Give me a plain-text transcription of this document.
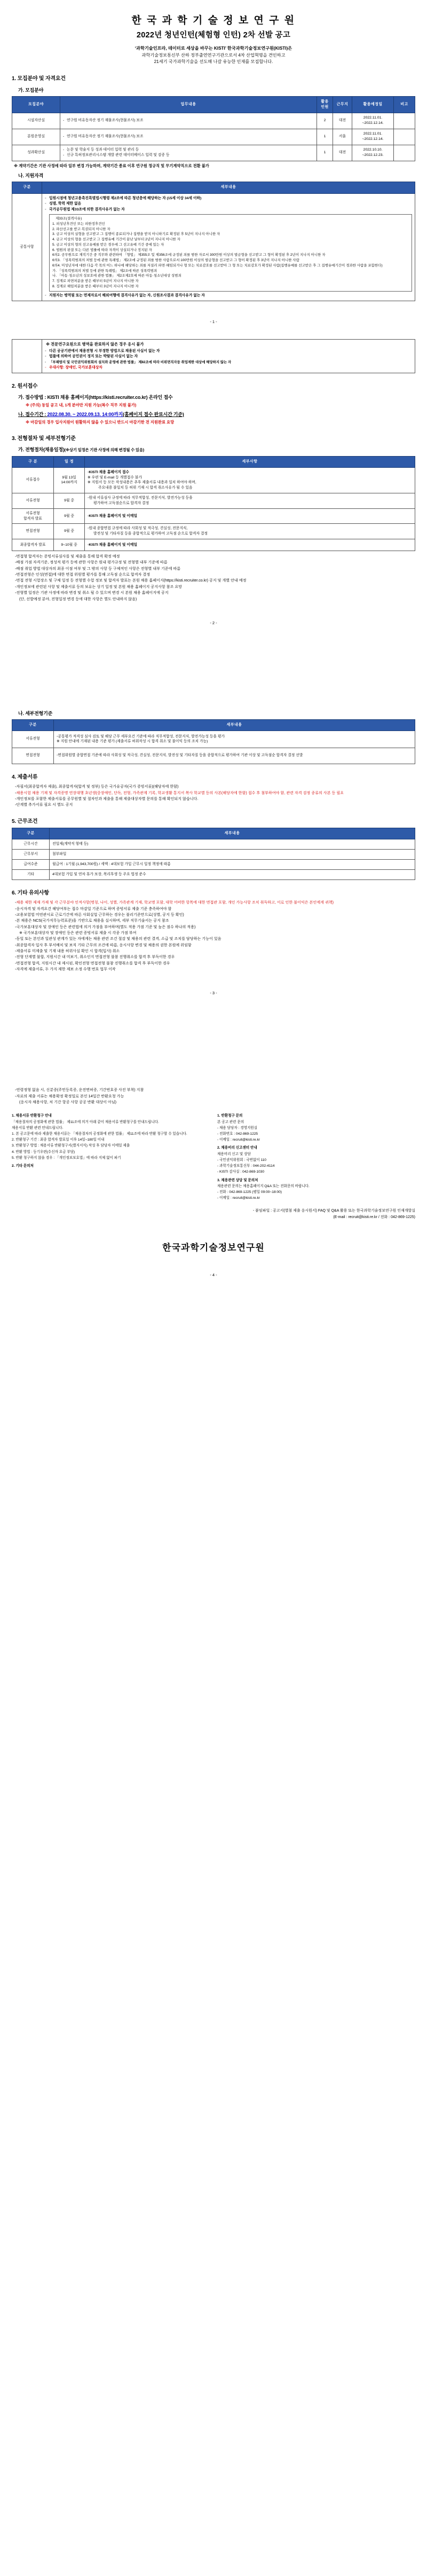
한 국 과 학 기 술 정 보 연 구 원
2022년 청년인턴(체험형 인턴) 2차 선발 공고
‘과학기술인프라, 데이터로 세상을 바꾸는 KISTI’ 한국과학기술정보연구원(KISTI)은
과학기술정보통신부 산하 정부출연연구기관으로서 4차 산업혁명을 견인하고
21세기 국가과학기술을 선도해 나갈 유능한 인재를 모집합니다.
1. 모집분야 및 자격요건
가. 모집분야
모집분야	업무내용	활용
인원	근무지	활용예정일	비고
시설자산실	
-연구원 비유동자산 정기 재물조사(현물조사) 보조	2	대전	2022.11.01.
~2022.12.14.	
분원운영실	
-연구원 비유동자산 정기 재물조사(현물조사) 보조	1	서울	2022.11.01.
~2022.12.14.	
성과확산실	
- 논문 및 학술지 등 성과 데이터 입력 및 관리 등
- 신규 특허정보관리시스템 개발 관련 데이터베이스 입력 및 검증 등
	1	대전	2022.10.10.
~2022.12.23.	
※ 계약기간은 기관 사정에 따라 일부 변경 가능하며, 계약기간 종료 이후 연구원 정규직 및 무기계약직으로 전환 불가
나. 지원자격
구분	세부내용
공통사항	
◦ 입원시점에 청년고용촉진특별법시행령 제2조에 따른 청년층에 해당하는 자 (15세 이상 34세 이하)
◦ 성별, 학력 제한 없음
◦ 국가공무원법 제33조에 의한 결격사유가 없는 자

제33조(결격사유)

1. 피성년후견인 또는 피한정후견인

2. 파산선고를 받고 복권되지 아니한 자

3. 금고 이상의 실형을 선고받고 그 집행이 종료되거나 집행을 받지 아니하기로 확정된 후 5년이 지나지 아니한 자

4. 금고 이상의 형을 선고받고 그 집행유예 기간이 끝난 날부터 2년이 지나지 아니한 자

5. 금고 이상의 형의 선고유예를 받은 경우에 그 선고유예 기간 중에 있는 자

6. 법원의 판결 또는 다른 법률에 따라 자격이 상실되거나 정지된 자

6의2. 공무원으로 재직기간 중 직무와 관련하여 「형법」 제355조 및 제356조에 규정된 죄를 범한 자로서 300만원 이상의 벌금형을 선고받고 그 형이 확정된 후 2년이 지나지 아니한 자

6의3. 「성폭력범죄의 처벌 등에 관한 특례법」 제2조에 규정된 죄를 범한 사람으로서 100만원 이상의 벌금형을 선고받고 그 형이 확정된 후 3년이 지나지 아니한 사람

6의4. 미성년자에 대한 다음 각 목의 어느 하나에 해당하는 죄를 저질러 파면·해임되거나 형 또는 치료감호를 선고받아 그 형 또는 치료감호가 확정된 사람(집행유예를 선고받은 후 그 집행유예기간이 경과한 사람을 포함한다)

가. 「성폭력범죄의 처벌 등에 관한 특례법」 제2조에 따른 성폭력범죄

나. 「아동·청소년의 성보호에 관한 법률」 제2조제2호에 따른 아동·청소년대상 성범죄

7. 징계로 파면처분을 받은 때부터 5년이 지나지 아니한 자

8. 징계로 해임처분을 받은 때부터 3년이 지나지 아니한 자

◦ 지원자는 병역필 또는 면제자로서 해외여행에 결격사유가 없는 자, 신원조사결과 결격사유가 없는 자
- 1 -

※ 전문연구요원으로 병역을 완료하지 않은 경우 응시 불가
◦ 다른 공공기관에서 채용전형 시 부정한 방법으로 채용된 사실이 없는 자
◦ 법률에 의하여 공민권이 정지 또는 박탈된 사실이 없는 자
◦ 「부패방지 및 국민권익위원회의 설치와 운영에 관한 법률」 제82조에 따라 비위면직자등 취업제한 대상에 해당하지 않는 자
◦ 우대사항: 장애인, 국가보훈대상자
2. 원서접수
가. 접수방법 : KISTI 채용 홈페이지(https://kisti.recruiter.co.kr) 온라인 접수
※ (주의) 동일 공고 내, 1개 분야만 지원 가능(복수 직무 지원 불가)
나. 접수기간 : 2022.08.30. ~ 2022.09.13. 14:00까지(홈페이지 접수 완료시간 기준)
※ 마감일의 경우 입사지원이 원활하지 않을 수 있으니 반드시 마감기한 전 지원완료 요망
3. 전형절차 및 세부전형기준
가. 전형절차(채용일정)(※상기 일정은 기관 사정에 의해 변경될 수 있음)
구 분	일 정	세부사항
서류접수	9월 13일
14:00까지	
◦KISTI 채용 홈페이지 접수
※ 우편 및 E-mail 등 개별접수 불가
※ 지원서 등 모든 작성내용은 추후 제출서류 내용과 일치 하여야 하며,
주요내용 불일치 등 허위 기재 시 합격 취소사유가 될 수 있음

서류전형	9월 중	◦원내 서류심사 규정에 따라 직무적합성, 전문지식, 발전가능성 등을
평가하여 고득점순으로 합격자 결정

서류전형
합격자 발표	9월 중	◦KISTI 채용 홈페이지 및 이메일

면접전형	9월 중	◦원내 종합면접 규정에 따라 사회성 및 적극성, 견실성, 전문지식,
발전성 및 기타자질 등을 종합적으로 평가하여 고득점 순으로 합격자 결정

최종합격자 발표	9~10월 중	◦KISTI 채용 홈페이지 및 이메일

◦면접형 합격자는 증빙서류심사를 및 제출을 통해 합격 확정 예정

◦배점 가점 자격기준, 정성적 평가 등에 관한 사항은 원내 평가규정 및 전형별 내부 기준에 따름

◦배점 취업 방법 대상자의 최종 이점 여부 및 그 밖의 사항 등 구체적인 사항은 전형별 내부 기준에 따름

◦면접전형은 인성(면접)에 대한 면접 위원별 평가를 통해 고득점 순으로 합격자 결정

◦면접 전형 시험장소 및 구체 일정 등 전형별 수험 정보 및 합격자 발표는 본원 채용 홈페이지(https://kisti.recruiter.co.kr) 공지 및 개별 안내 예정

◦개인정보에 관련된 사항 및 제출서류 등의 보유는 상기 일정 및 본원 채용 홈페이지 공지사항 참조 요망

◦전형별 일정은 기관 사정에 따라 변경 및 취소 될 수 있으며 변경 시 본원 채용 홈페이지에 공지

(단, 선발예정 분야, 전형일정 변경 등에 대한 사항은 별도 안내하지 않음)

- 2 -
나. 세부전형기준
구분	세부내용
서류전형	◦공통평가 적격성 심사 검토 및 해당 근무 세부요건 기준에 따라 직무적합성, 전문지식, 발전가능성 등을 평가
※ 지원 안내에 기재된 내용 기준 평가 (제출서류 허위작성 시 합격 취소 및 불이익 등의 조치 가능)

면접전형	◦면접위원별 종합면접 기준에 따라 사회성 및 적극성, 견실성, 전문지식, 발전성 및 기타자질 등을 종합적으로 평가하여 기관 이상 및 고득점순 합격자 결정 선발
4. 제출서류

◦자필서(최종합격자 제출), 최종합격자(합격 및 정부) 등은 국가유공자(국가 증빙서류)(해당자에 한함)

◦채용시험 채용 기재 및 자격증명 연장대행 초년생(중장애인, 단독, 전형, 가족관계 기록, 학교생활 통지서 복사 학교별 등의 사본(해당자에 한함) 접수 후 첨부하여야 함, 관련 자격 검정 종류의 사본 등 필요

◦개인정보를 포함한 제출서류를 공무원별 및 절차인과 제출을 통해 제출대상자별 문의를 통해 확인되지 않습니다.

◦단계별 추가서류 필요 시 별도 공지

5. 근무조건
구분	세부내용
근무시간	전일제(계약직 형태 등)
근무부서	첨부파일
급여수준	월급여 : 1기월 (1,943,700원) / 세액 : 4대보험 가입 근무시 일정 책정에 따름
기타	4대보험 가입 및 연차 휴가 보장, 복리후생 등 주요 법정 준수
6. 기타 유의사항

◦채용 제한 제재 가재 및 각 근무분야 인적사항(명칭, 나이, 성별, 가족관계 기재, 학교명 포함, 대학 어떠한 항목에 대한 면접관 포함, 개인 가능사항 조치 취득하고, 이로 인한 불이익은 본인에게 귀책)

◦응시자격 및 자격요건 해당여부는 접수 마감일 기준으로 하며 증빙서류 제출 기준 충족하여야 함

◦교용보험법 미연관시료 근로기간에 따른 사회실업 근무하는 경우는 불리기준만으로(성별, 공지 등 확인)

◦본 채용은 NCS(국가직무능력표준)을 기반으로 채용을 실시하며, 세부 직무기술서는 공지 참조

◦국가보훈대상자 및 장애인 등은 관련법에 의거 가점을 부여하며(별도 적용 가점 기준 및 높은 점수 하나의 적용)

※ 국가보훈대상자 및 장애인 등은 관련 증빙서류 제출 시 각종 가점 부여

◦동일 또는 본인과 일관성 관계가 있는 자에게는 채용 관련 조건 절감 및 채용의 관련 결격, 소급 및 조치를 담당하는 기능이 있음

◦최종합격자 입사 후 부서배치 및 보직 기타 근무의 조건에 따름, 응시사항 변경 및 채용의 권한 본원에 위임함

◦제출서류 미제출 및 기재 내용 허위사실 확인 시 합격(입사) 취소

◦전형 단계별 불합, 지원시간 내 미보기, 취소인지 면접전형 불참 진행취소를 합격 후 부득이한 경우

◦면접전형 합격, 지원시간 내 제시된, 확인전형 면접전형 불참 진행취소를 합격 후 부득이한 경우

◦자격에 제출서류, 두 가지 제한 제보 소정 수행 번호 업무 이작

- 3 -

◦연령정형 없음 시, 신분증(주민등록증, 운전면허증, 기간번호증 사진 부착) 지참

◦자료의 제출 서류는 채용확정 확정일로 본인 14일간 반환요청 가능

(응시자 채용사항, 처 기간 항공 사항 공공 반환 대상이 아님)

1. 채용서류 반환청구 안내

「채용절차의 공정화에 관한 법률」 제11조에 의거 아래 같이 채용서류 반환청구를 안내드립니다.

채용서류 반환 관련 안내드립니다.

1. 본 공고문에 따라 제출한 채용서류는 「채용절차의 공정화에 관한 법률」 제11조에 따라 반환 청구할 수 있습니다.

2. 반환청구 기간 : 최종 합격자 발표일 이후 14일~180일 이내

3. 반환청구 방법 : 채용서류 반환청구서(별지서식) 작성 후 담당자 이메일 제출

4. 반환 방법 : 등기우편(수신자 요금 부담)

5. 반환 청구하지 않을 경우 : 「개인정보보호법」에 따라 지체 없이 파기

2. 기타 문의처

1. 반환청구 문의

본 공고 관련 문의

- 채용 담당자 : 경영지원실

- 전화번호 : 042-869-1225

- 이메일 : recruit@kisti.re.kr

2. 채용비리 신고센터 안내

채용비리 신고 및 상담

- 국민권익위원회 : 국번없이 110

- 과학기술정보통신부 : 044-202-4114

- KISTI 감사실 : 042-869-1030

3. 채용관련 상담 및 문의처

채용관련 문의는 채용홈페이지 Q&A 또는 전화문의 바랍니다.

- 전화 : 042-869-1225 (평일 09:00~18:00)

- 이메일 : recruit@kisti.re.kr

- 붙임파일 : 공고서(별첨 제출 응시원서) FAQ 및 Q&A 활용 또는 한국과학기술정보연구원 인재개발실

(E-mail : recruit@kisti.re.kr / 전화 : 042-869-1225)

한국과학기술정보연구원
- 4 -
